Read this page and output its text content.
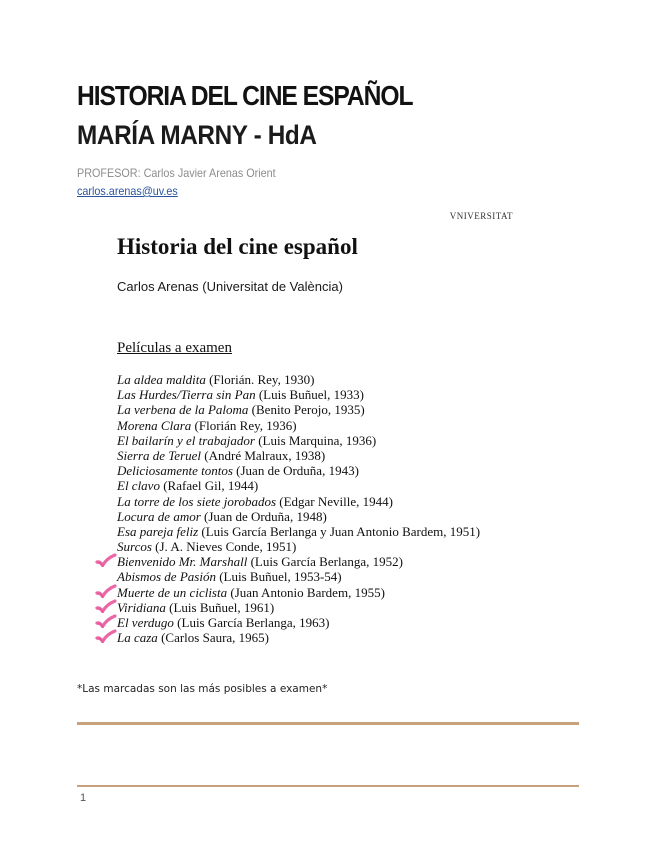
HISTORIA DEL CINE ESPAÑOL
MARÍA MARNY - HdA
PROFESOR: Carlos Javier Arenas Orient
carlos.arenas@uv.es
VNIVERSITAT
Historia del cine español
Carlos Arenas (Universitat de València)
Películas a examen
La aldea maldita (Florián. Rey, 1930)
Las Hurdes/Tierra sin Pan (Luis Buñuel, 1933)
La verbena de la Paloma (Benito Perojo, 1935)
Morena Clara (Florián Rey, 1936)
El bailarín y el trabajador (Luis Marquina, 1936)
Sierra de Teruel (André Malraux, 1938)
Deliciosamente tontos (Juan de Orduña, 1943)
El clavo (Rafael Gil, 1944)
La torre de los siete jorobados (Edgar Neville, 1944)
Locura de amor (Juan de Orduña, 1948)
Esa pareja feliz (Luis García Berlanga y Juan Antonio Bardem, 1951)
Surcos (J. A. Nieves Conde, 1951)
Bienvenido Mr. Marshall (Luis García Berlanga, 1952)
Abismos de Pasión (Luis Buñuel, 1953-54)
Muerte de un ciclista (Juan Antonio Bardem, 1955)
Viridiana (Luis Buñuel, 1961)
El verdugo (Luis García Berlanga, 1963)
La caza (Carlos Saura, 1965)
*Las marcadas son las más posibles a examen*
1
